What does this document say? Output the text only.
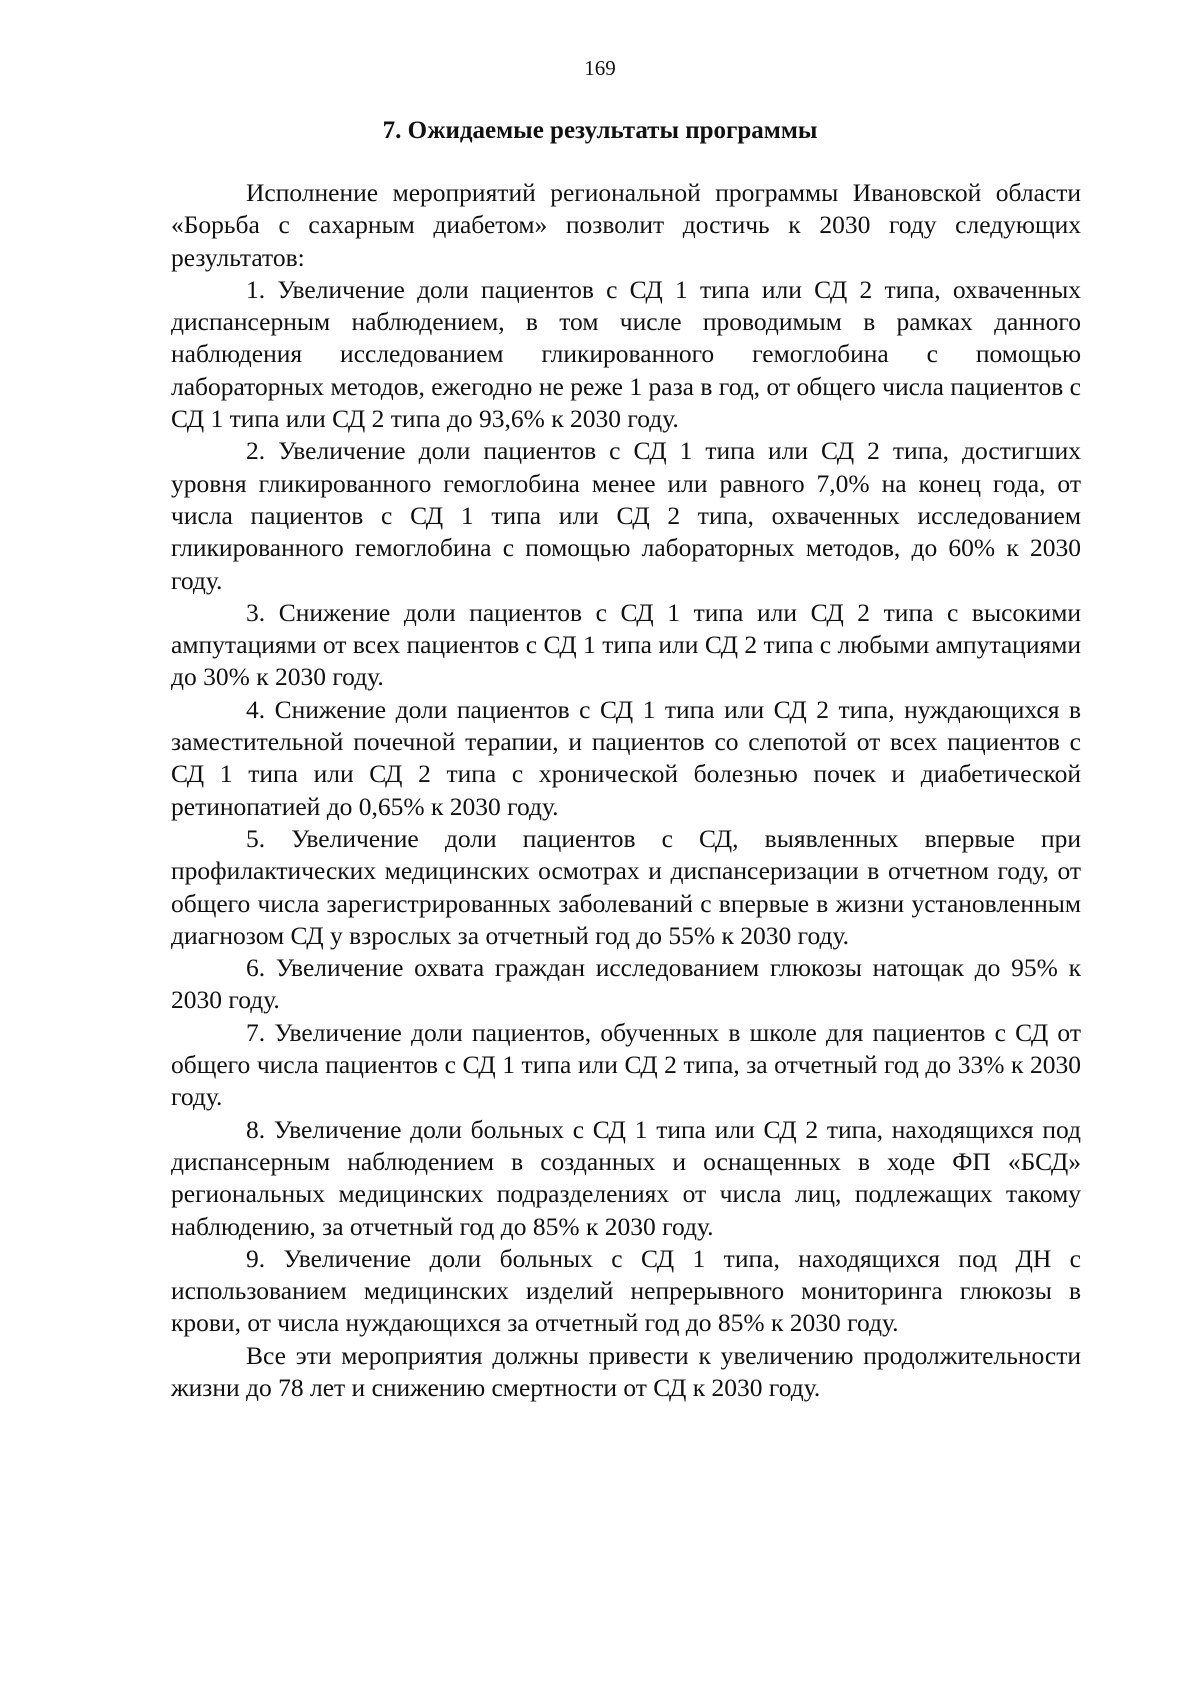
169
7. Ожидаемые результаты программы

Исполнение мероприятий региональной программы Ивановской области «Борьба с сахарным диабетом» позволит достичь к 2030 году следующих результатов:

1. Увеличение доли пациентов с СД 1 типа или СД 2 типа, охваченных диспансерным наблюдением, в том числе проводимым в рамках данного наблюдения исследованием гликированного гемоглобина с помощью лабораторных методов, ежегодно не реже 1 раза в год, от общего числа пациентов с СД 1 типа или СД 2 типа до 93,6% к 2030 году.

2. Увеличение доли пациентов с СД 1 типа или СД 2 типа, достигших уровня гликированного гемоглобина менее или равного 7,0% на конец года, от числа пациентов с СД 1 типа или СД 2 типа, охваченных исследованием гликированного гемоглобина с помощью лабораторных методов, до 60% к 2030 году.

3. Снижение доли пациентов с СД 1 типа или СД 2 типа с высокими ампутациями от всех пациентов с СД 1 типа или СД 2 типа с любыми ампутациями до 30% к 2030 году.

4. Снижение доли пациентов с СД 1 типа или СД 2 типа, нуждающихся в заместительной почечной терапии, и пациентов со слепотой от всех пациентов с СД 1 типа или СД 2 типа с хронической болезнью почек и диабетической ретинопатией до 0,65% к 2030 году.

5. Увеличение доли пациентов с СД, выявленных впервые при профилактических медицинских осмотрах и диспансеризации в отчетном году, от общего числа зарегистрированных заболеваний с впервые в жизни установленным диагнозом СД у взрослых за отчетный год до 55% к 2030 году.

6. Увеличение охвата граждан исследованием глюкозы натощак до 95% к 2030 году.

7. Увеличение доли пациентов, обученных в школе для пациентов с СД от общего числа пациентов с СД 1 типа или СД 2 типа, за отчетный год до 33% к 2030 году.

8. Увеличение доли больных с СД 1 типа или СД 2 типа, находящихся под диспансерным наблюдением в созданных и оснащенных в ходе ФП «БСД» региональных медицинских подразделениях от числа лиц, подлежащих такому наблюдению, за отчетный год до 85% к 2030 году.

9. Увеличение доли больных с СД 1 типа, находящихся под ДН с использованием медицинских изделий непрерывного мониторинга глюкозы в крови, от числа нуждающихся за отчетный год до 85% к 2030 году.

Все эти мероприятия должны привести к увеличению продолжительности жизни до 78 лет и снижению смертности от СД к 2030 году.
